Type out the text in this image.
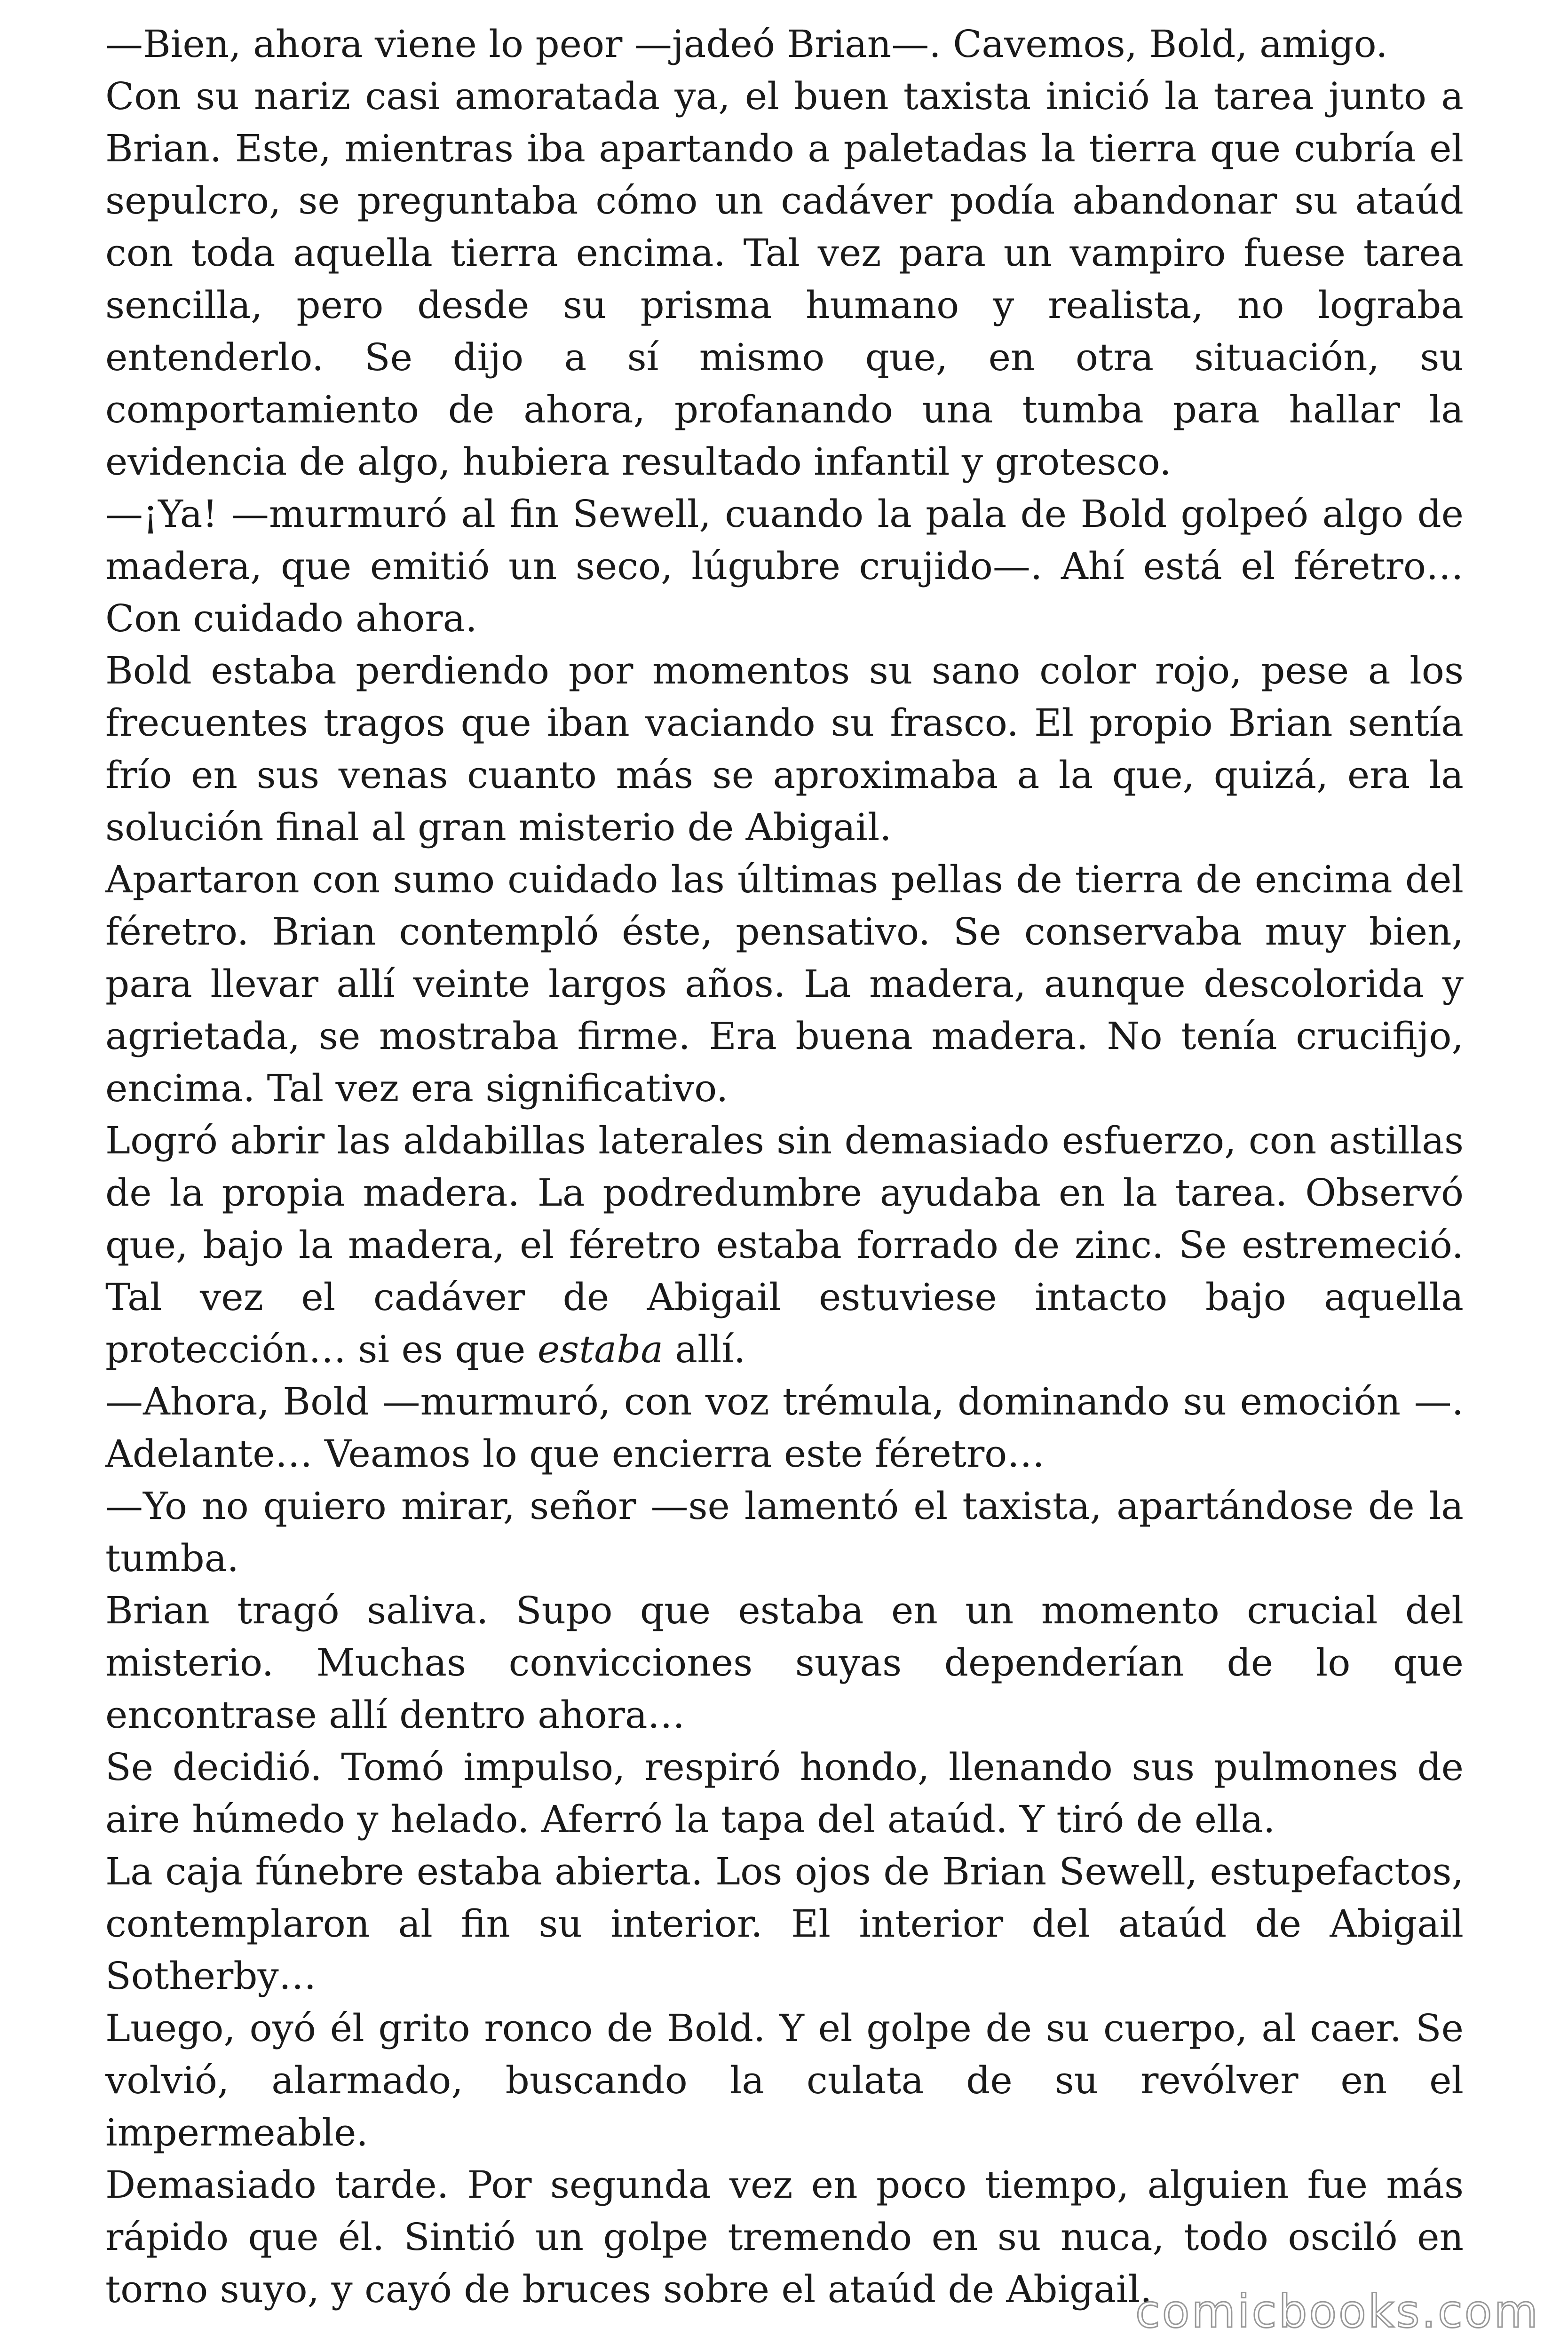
—Bien, ahora viene lo peor —jadeó Brian—. Cavemos, Bold, amigo.

Con su nariz casi amoratada ya, el buen taxista inició la tarea junto a Brian. Este, mientras iba apartando a paletadas la tierra que cubría el sepulcro, se preguntaba cómo un cadáver podía abandonar su ataúd con toda aquella tierra encima. Tal vez para un vampiro fuese tarea sencilla, pero desde su prisma humano y realista, no lograba entenderlo. Se dijo a sí mismo que, en otra situación, su comportamiento de ahora, profanando una tumba para hallar la evidencia de algo, hubiera resultado infantil y grotesco.

—¡Ya! —murmuró al fin Sewell, cuando la pala de Bold golpeó algo de madera, que emitió un seco, lúgubre crujido—. Ahí está el féretro… Con cuidado ahora.

Bold estaba perdiendo por momentos su sano color rojo, pese a los frecuentes tragos que iban vaciando su frasco. El propio Brian sentía frío en sus venas cuanto más se aproximaba a la que, quizá, era la solución final al gran misterio de Abigail.

Apartaron con sumo cuidado las últimas pellas de tierra de encima del féretro. Brian contempló éste, pensativo. Se conservaba muy bien, para llevar allí veinte largos años. La madera, aunque descolorida y agrietada, se mostraba firme. Era buena madera. No tenía crucifijo, encima. Tal vez era significativo.

Logró abrir las aldabillas laterales sin demasiado esfuerzo, con astillas de la propia madera. La podredumbre ayudaba en la tarea. Observó que, bajo la madera, el féretro estaba forrado de zinc. Se estremeció. Tal vez el cadáver de Abigail estuviese intacto bajo aquella protección… si es que estaba allí.

—Ahora, Bold —murmuró, con voz trémula, dominando su emoción —. Adelante… Veamos lo que encierra este féretro…

—Yo no quiero mirar, señor —se lamentó el taxista, apartándose de la tumba.

Brian tragó saliva. Supo que estaba en un momento crucial del misterio. Muchas convicciones suyas dependerían de lo que encontrase allí dentro ahora…

Se decidió. Tomó impulso, respiró hondo, llenando sus pulmones de aire húmedo y helado. Aferró la tapa del ataúd. Y tiró de ella.

La caja fúnebre estaba abierta. Los ojos de Brian Sewell, estupefactos, contemplaron al fin su interior. El interior del ataúd de Abigail Sotherby…

Luego, oyó él grito ronco de Bold. Y el golpe de su cuerpo, al caer. Se volvió, alarmado, buscando la culata de su revólver en el impermeable.

Demasiado tarde. Por segunda vez en poco tiempo, alguien fue más rápido que él. Sintió un golpe tremendo en su nuca, todo osciló en torno suyo, y cayó de bruces sobre el ataúd de Abigail.

comicbooks.com
